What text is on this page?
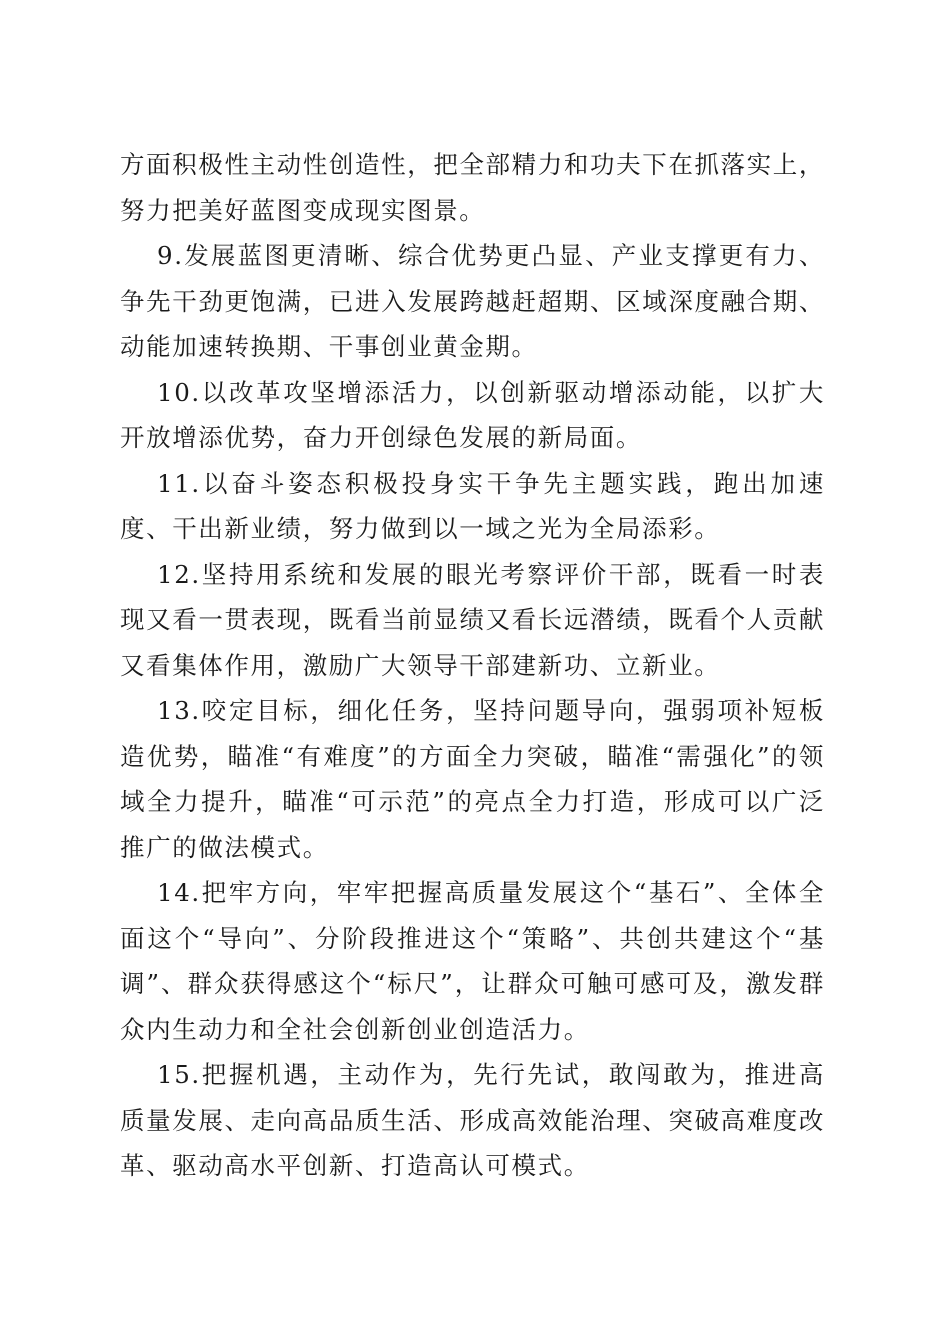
方面积极性主动性创造性，把全部精力和功夫下在抓落实上，努力把美好蓝图变成现实图景。

9.发展蓝图更清晰、综合优势更凸显、产业支撑更有力、争先干劲更饱满，已进入发展跨越赶超期、区域深度融合期、动能加速转换期、干事创业黄金期。

10.以改革攻坚增添活力，以创新驱动增添动能，以扩大开放增添优势，奋力开创绿色发展的新局面。

11.以奋斗姿态积极投身实干争先主题实践，跑出加速度、干出新业绩，努力做到以一域之光为全局添彩。

12.坚持用系统和发展的眼光考察评价干部，既看一时表现又看一贯表现，既看当前显绩又看长远潜绩，既看个人贡献又看集体作用，激励广大领导干部建新功、立新业。

13.咬定目标，细化任务，坚持问题导向，强弱项补短板造优势，瞄准“有难度”的方面全力突破，瞄准“需强化”的领域全力提升，瞄准“可示范”的亮点全力打造，形成可以广泛推广的做法模式。

14.把牢方向，牢牢把握高质量发展这个“基石”、全体全面这个“导向”、分阶段推进这个“策略”、共创共建这个“基调”、群众获得感这个“标尺”，让群众可触可感可及，激发群众内生动力和全社会创新创业创造活力。

15.把握机遇，主动作为，先行先试，敢闯敢为，推进高质量发展、走向高品质生活、形成高效能治理、突破高难度改革、驱动高水平创新、打造高认可模式。
